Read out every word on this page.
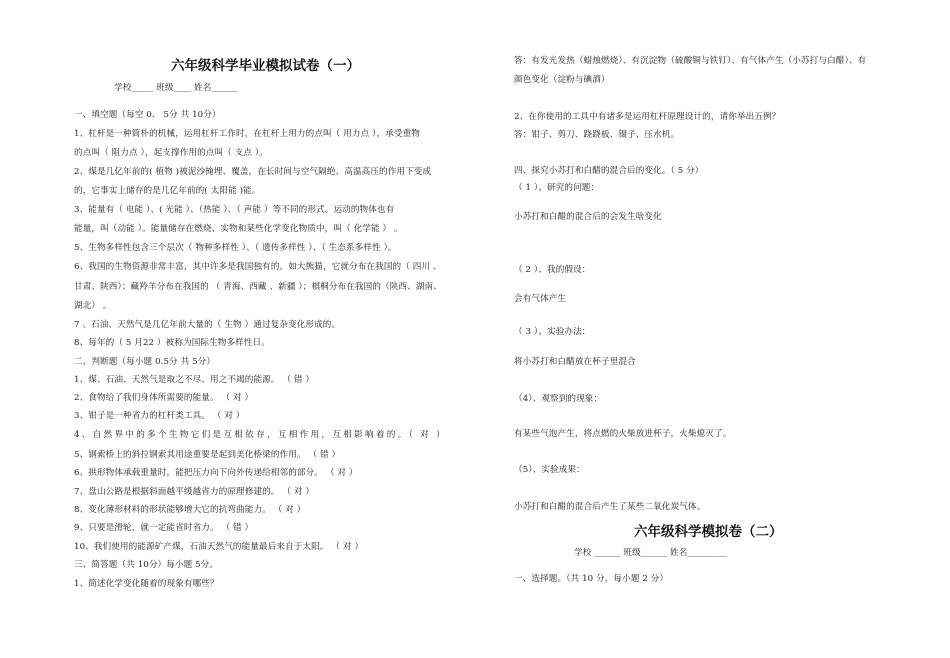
六年级科学毕业模拟试卷（一）
学校_____ 班级____ 姓名______
一、填空题（每空 0． 5分 共 10分）
1、杠杆是一种简朴的机械，运用杠杆工作时，在杠杆上用力的点叫（ 用力点 ），承受重物
的点叫（ 阻力点 ），起支撑作用的点叫（ 支点 ）。
2、煤是几亿年前的( 植物 )被泥沙掩埋、覆盖，在长时间与空气隔绝、高温高压的作用下变成
的，它事实上储存的是几亿年前的( 太阳能 )能。
3、能量有（ 电能 ）、( 光能 ）、（热能 ）、（ 声能 ）等不同的形式。运动的物体也有
能量，叫（动能 ）。能量储存在燃烧、实物和某些化学变化物质中，叫（ 化学能 ） 。
5、生物多样性包含三个层次（ 物种多样性 ）、（ 遗传多样性 ）、（ 生态系多样性 ）。
6、我国的生物资源非常丰富，其中许多是我国独有的。如大熊猫，它就分布在我国的（ 四川 、
甘肃、陕西）；藏羚羊分布在我国的 （ 青海、西藏 、新疆 ）；棋桐分布在我国的（陕西、湖南、
湖北） 。
7 、石油、天然气是几亿年前大量的（ 生物 ）通过复杂变化形成的。
8、每年的（ 5 月22 ）被称为国际生物多样性日。
二、判断题（每小题 0.5分 共 5分）
1、煤、石油、天然气是取之不尽、用之不竭的能源。 （ 错 ）
2、食物给了我们身体所需要的能量。 （ 对 ）
3、钳子是一种省力的杠杆类工具。 （ 对 ）
4、自然界中的多个生物它们是互相依存，互相作用，互相影响着的。（ 对 ）
5、钢索桥上的斜拉钢索其用途重要是起到美化桥梁的作用。 （ 错 ）
6、拱形物体承载重量时，能把压力向下向外传递给相邻的部分。 （ 对 ）
7、盘山公路是根据斜面越平缓越省力的原理修建的。 （ 对 ）
8、变化薄形材料的形状能够增大它的抗弯曲能力。 （ 对 ）
9、只要是滑轮，就一定能省时省力。 （ 错 ）
10、我们使用的能源矿产煤，石油天然气的能量最后来自于太阳。 （ 对 ）
三、简答题（共 10分）每小题 5分。
1、简述化学变化随着的现象有哪些？
答：有发光发热（蜡烛燃烧）、有沉淀物（硫酸铜与铁钉）、有气体产生（小苏打与白醋）、有
颜色变化（淀粉与碘酒）
2、在你使用的工具中有诸多是运用杠杆原理设计的，请你举出五例？
答：钳子、剪刀、跷跷板、镊子、压水机。
四、探究小苏打和白醋的混合后的变化。（ 5 分）
（ 1 ）、研究的问题：
小苏打和白醋的混合后的会发生啥变化
（ 2 ）、我的假设：
会有气体产生
（ 3 ）、实验办法：
将小苏打和白醋放在杯子里混合
（4）、观察到的现象：
有某些气泡产生，将点燃的火柴放进杯子，火柴熄灭了。
（5）、实验成果：
小苏打和白醋的混合后产生了某些二氧化炭气体。
六年级科学模拟卷（二）
学校 ______ 班级______ 姓名_________
一、选择题。（共 10 分，每小题 2 分）
